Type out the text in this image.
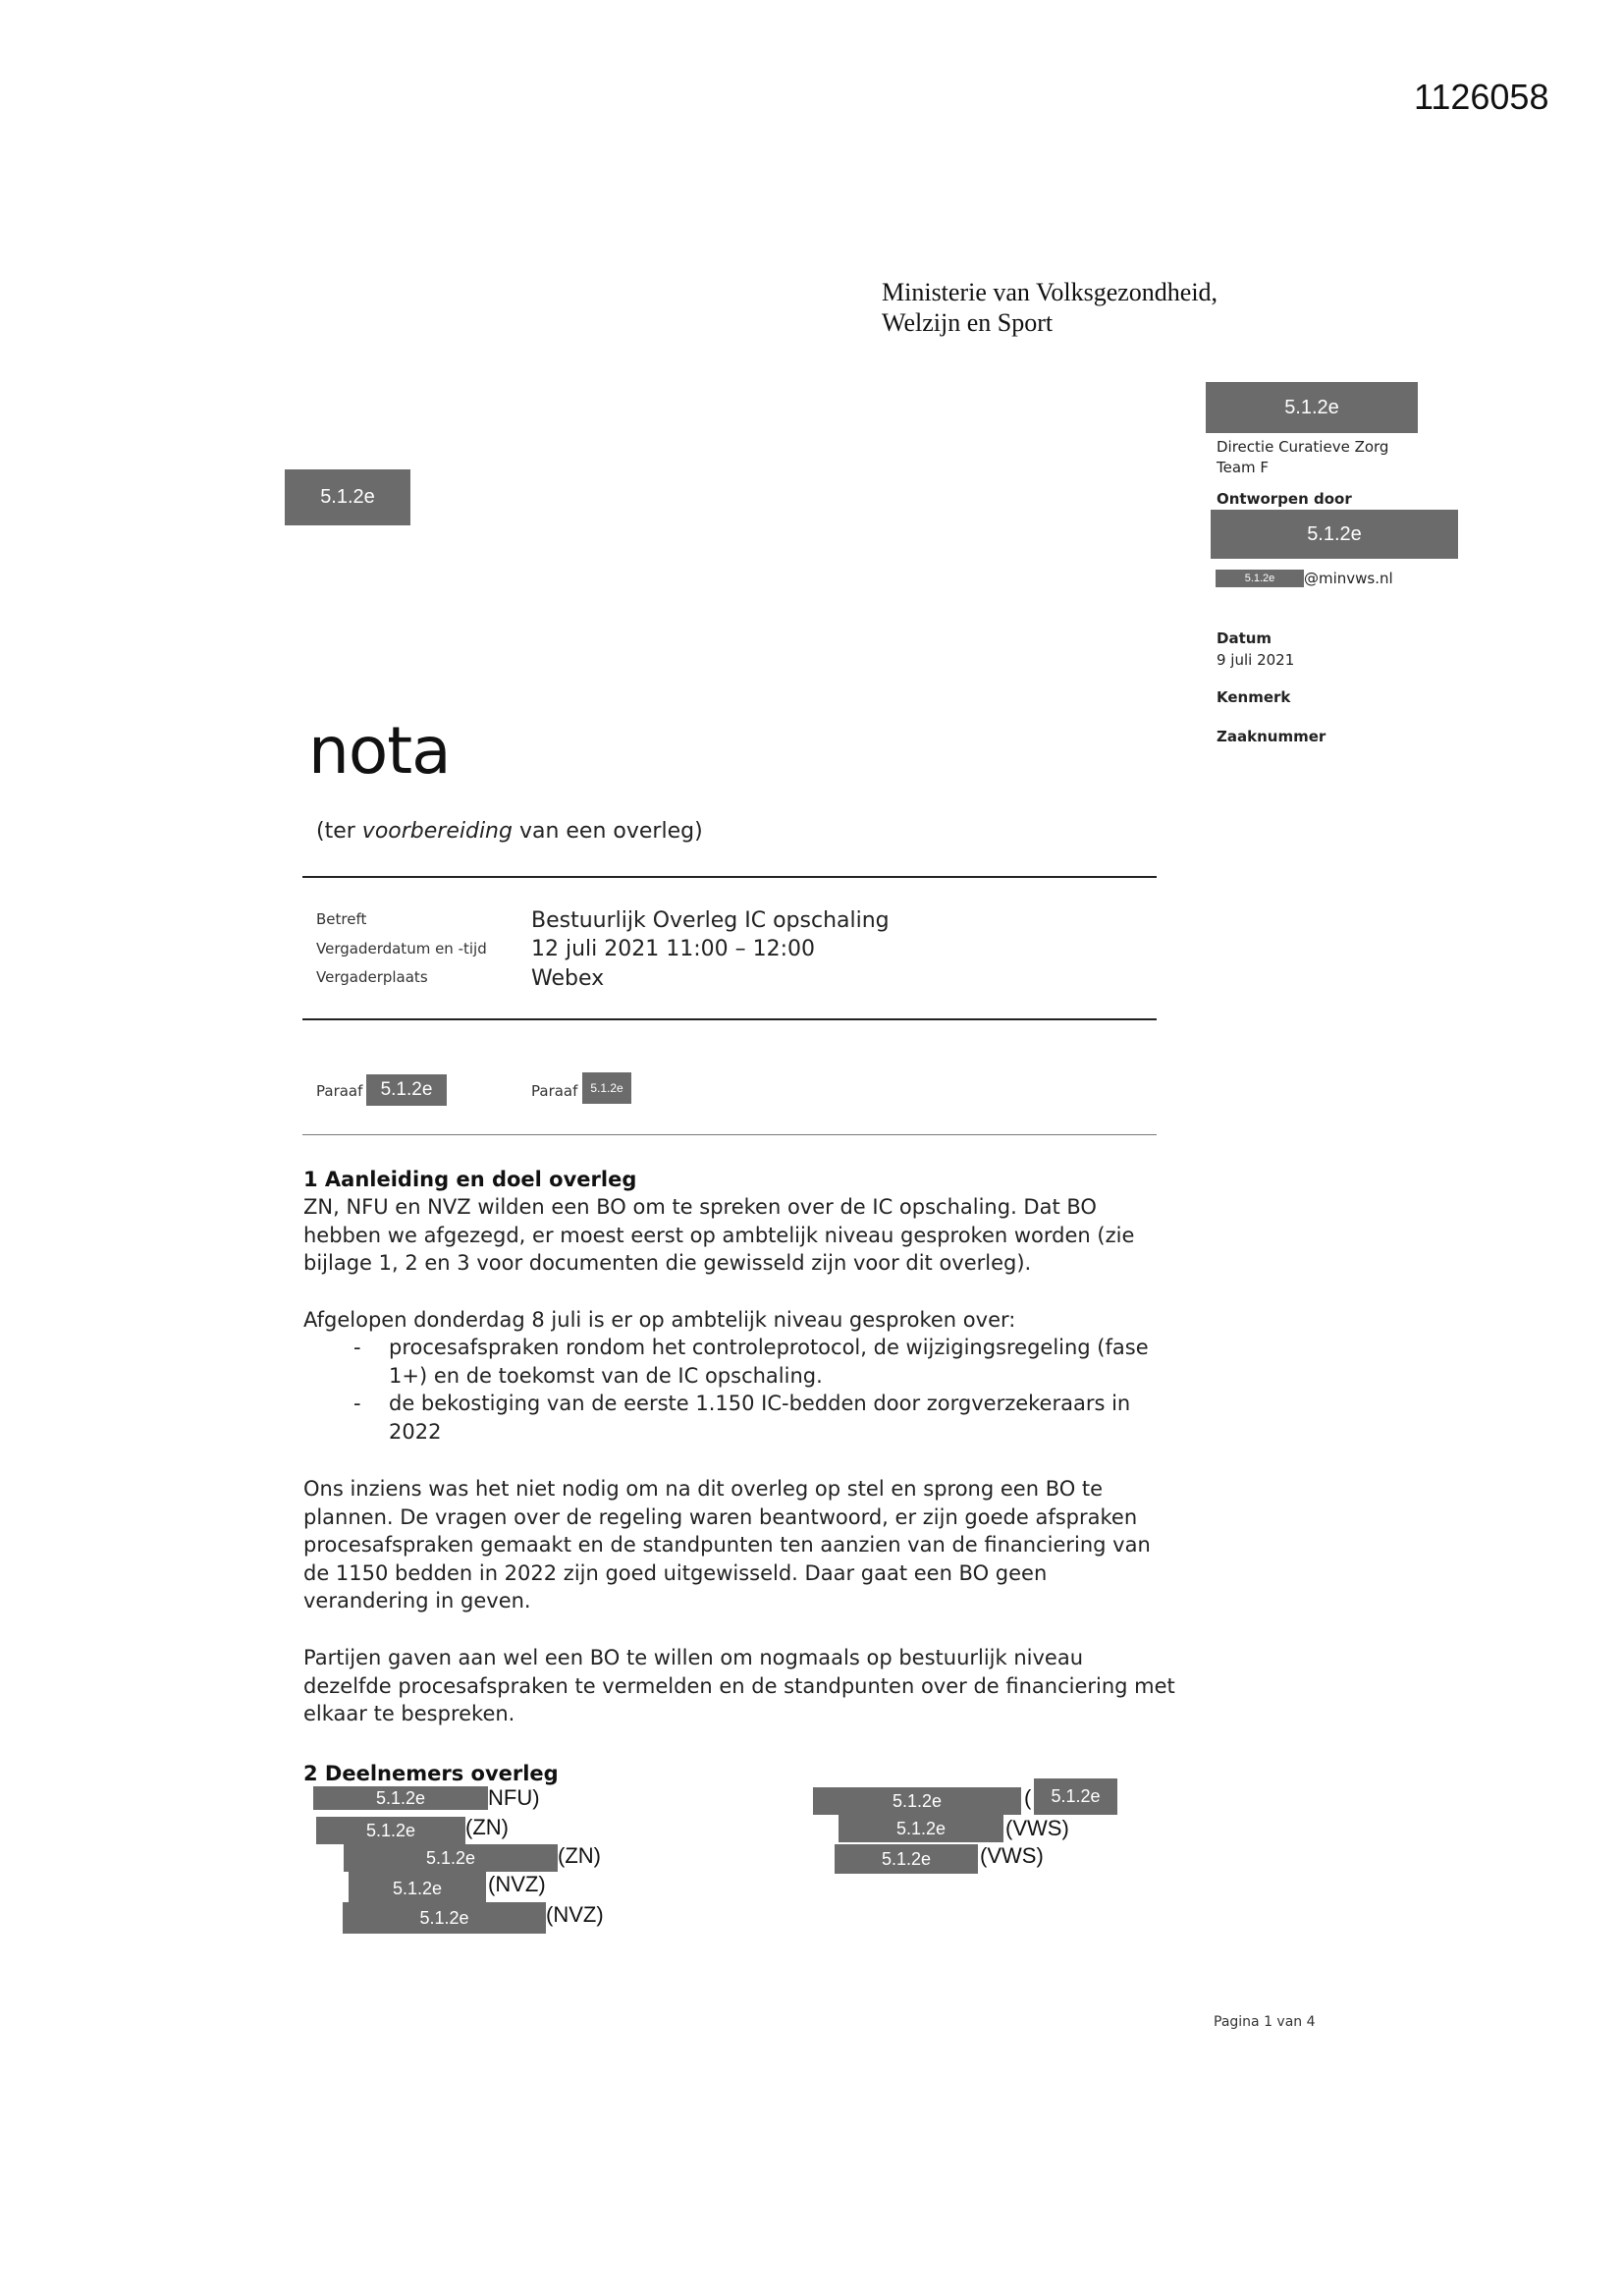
1126058
Ministerie van Volksgezondheid,
Welzijn en Sport
5.1.2e
Directie Curatieve Zorg
Team F
Ontworpen door
5.1.2e
5.1.2e	@minvws.nl
Datum
9 juli 2021
Kenmerk
Zaaknummer
5.1.2e
nota
(ter voorbereiding van een overleg)
Betreft	Bestuurlijk Overleg IC opschaling
Vergaderdatum en -tijd 12 juli 2021 11:00 – 12:00
Vergaderplaats	Webex
Paraaf 5.1.2e	Paraaf	5.1.2e
1 Aanleiding en doel overleg
ZN, NFU en NVZ wilden een BO om te spreken over de IC opschaling. Dat BO hebben we afgezegd, er moest eerst op ambtelijk niveau gesproken worden (zie bijlage 1, 2 en 3 voor documenten die gewisseld zijn voor dit overleg).
Afgelopen donderdag 8 juli is er op ambtelijk niveau gesproken over:
- procesafspraken rondom het controleprotocol, de wijzigingsregeling (fase 1+) en de toekomst van de IC opschaling.
- de bekostiging van de eerste 1.150 IC-bedden door zorgverzekeraars in 2022
Ons inziens was het niet nodig om na dit overleg op stel en sprong een BO te plannen. De vragen over de regeling waren beantwoord, er zijn goede afspraken procesafspraken gemaakt en de standpunten ten aanzien van de financiering van de 1150 bedden in 2022 zijn goed uitgewisseld. Daar gaat een BO geen verandering in geven.
Partijen gaven aan wel een BO te willen om nogmaals op bestuurlijk niveau dezelfde procesafspraken te vermelden en de standpunten over de financiering met elkaar te bespreken.
2 Deelnemers overleg
5.1.2e	NFU)
5.1.2e	(ZN)
5.1.2e	(ZN)
5.1.2e	(NVZ)
5.1.2e	(NVZ)
5.1.2e	(	5.1.2e
5.1.2e	(VWS)
5.1.2e	(VWS)
Pagina 1 van 4
